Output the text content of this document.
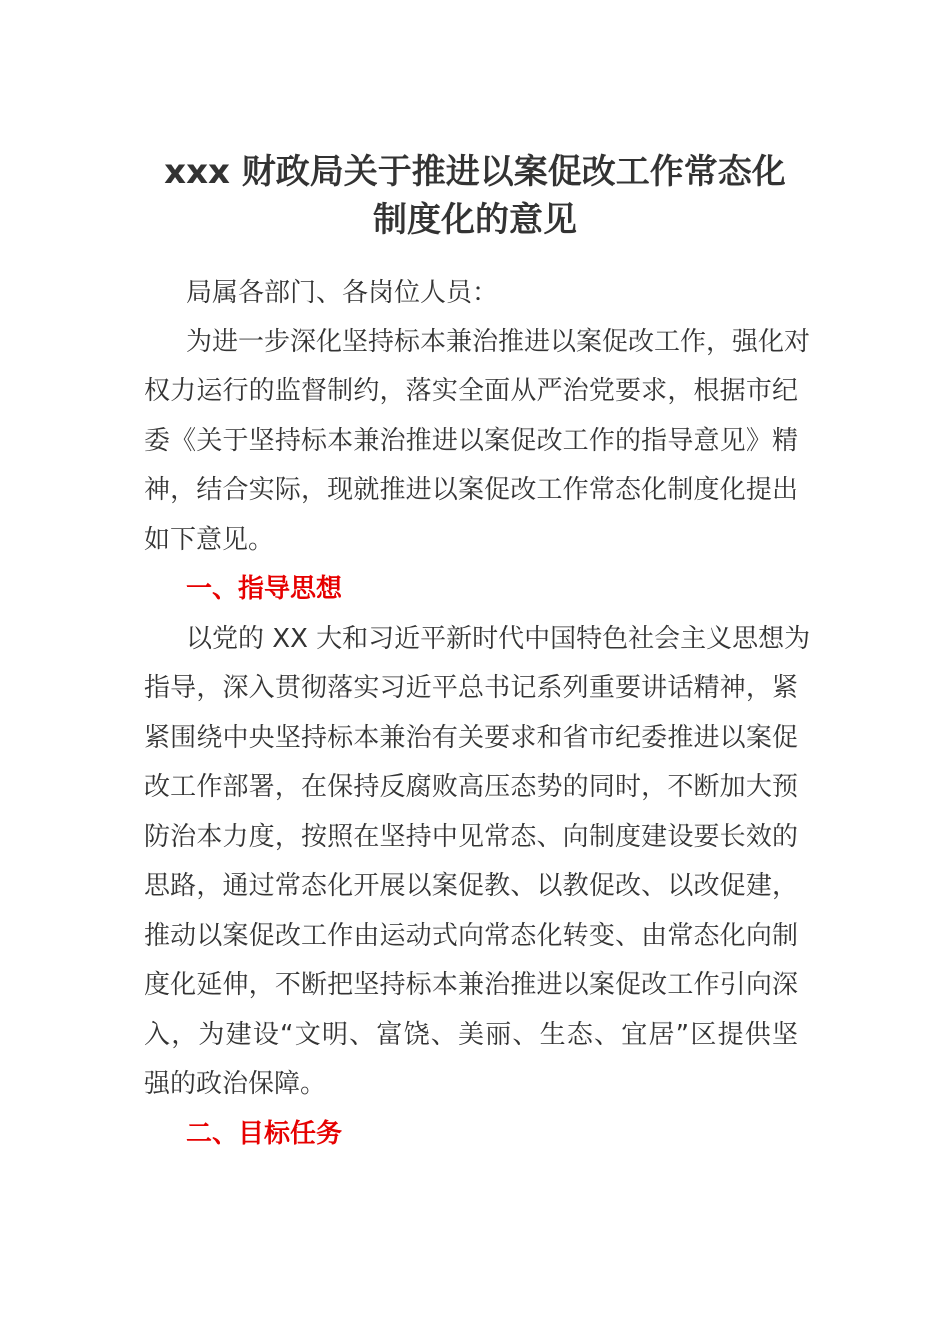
xxx 财政局关于推进以案促改工作常态化
制度化的意见

局属各部门、各岗位人员：

为进一步深化坚持标本兼治推进以案促改工作，强化对

权力运行的监督制约，落实全面从严治党要求，根据市纪

委《关于坚持标本兼治推进以案促改工作的指导意见》精

神，结合实际，现就推进以案促改工作常态化制度化提出

如下意见。

一、指导思想

以党的 XX 大和习近平新时代中国特色社会主义思想为

指导，深入贯彻落实习近平总书记系列重要讲话精神，紧

紧围绕中央坚持标本兼治有关要求和省市纪委推进以案促

改工作部署，在保持反腐败高压态势的同时，不断加大预

防治本力度，按照在坚持中见常态、向制度建设要长效的

思路，通过常态化开展以案促教、以教促改、以改促建，

推动以案促改工作由运动式向常态化转变、由常态化向制

度化延伸，不断把坚持标本兼治推进以案促改工作引向深

入，为建设“文明、富饶、美丽、生态、宜居”区提供坚

强的政治保障。

二、目标任务
